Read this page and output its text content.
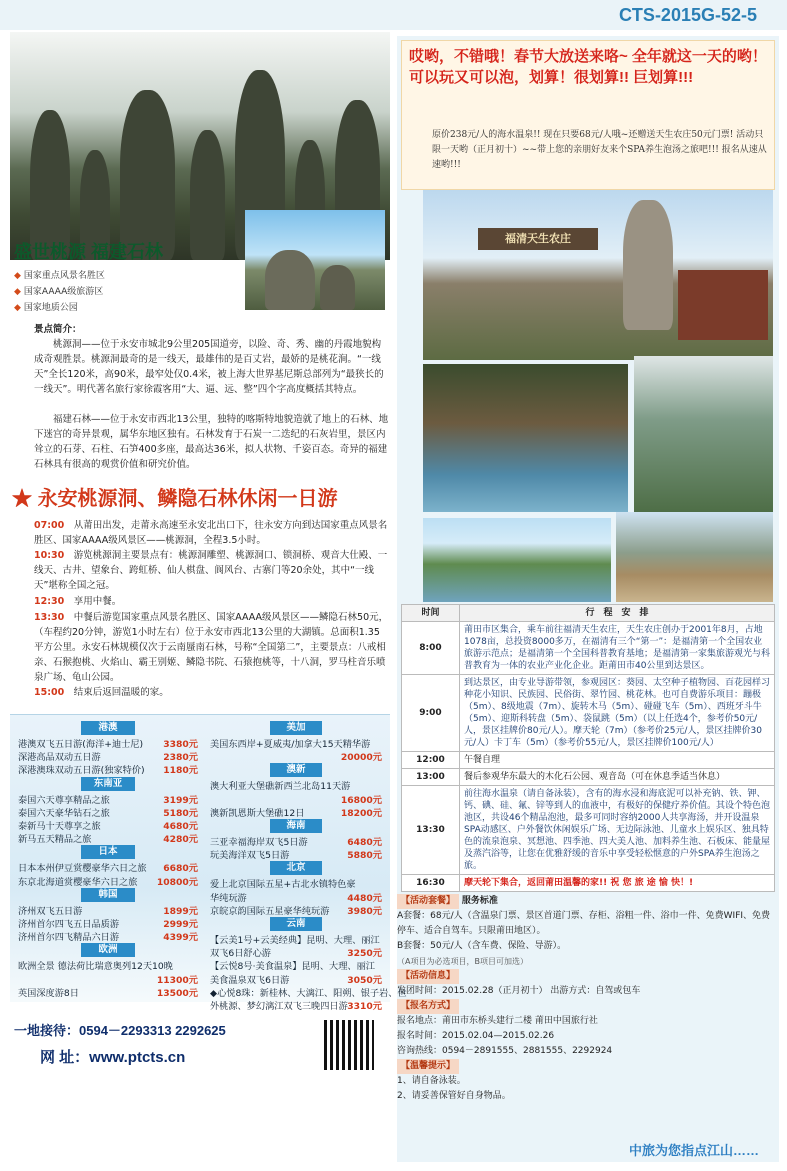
CTS-2015G-52-5
盛世桃源 福建石林
◆ 国家重点风景名胜区
◆ 国家AAAA级旅游区
◆ 国家地质公园
景点简介：
桃源洞——位于永安市城北9公里205国道旁，以险、奇、秀、幽的丹霞地貌构成奇观胜景。桃源洞最奇的是一线天，最雄伟的是百丈岩，最娇的是桃花涧。“一线天”全长120米，高90米，最窄处仅0.4米，被上海大世界基尼斯总部列为“最狭长的一线天”。明代著名旅行家徐霞客用“大、逼、远、整”四个字高度概括其特点。
福建石林——位于永安市西北13公里，独特的喀斯特地貌造就了地上的石林、地下迷宫的奇异景观，属华东地区独有。石林发育于石炭一二迭纪的石灰岩里，景区内耸立的石芽、石柱、石笋400多座，最高达36米，拟人状物、千姿百态。奇异的福建石林具有很高的观赏价值和研究价值。
★ 永安桃源洞、鳞隐石林休闲一日游
07:00　 从莆田出发，走莆永高速至永安北出口下，往永安方向到达国家重点风景名胜区、国家AAAA级风景区——桃源洞，全程3.5小时。
10:30　 游览桃源洞主要景点有：桃源洞雕塑、桃源洞口、锁洞桥、观音大仕殿、一线天、古井、望象台、跨虹桥、仙人棋盘、阆风台、古寨门等20余处，其中“一线天”堪称全国之冠。
12:30　 享用中餐。
13:30　 中餐后游览国家重点风景名胜区、国家AAAA级风景区——鳞隐石林50元，（车程约20分钟，游览1小时左右）位于永安市西北13公里的大湖镇。总面积1.35平方公里。永安石林规模仅次于云南蜃南石林，号称“全国第二”，主要景点：八戒相亲、石猴抱桃、火焰山、霸王别姬、鳞隐书院、石猿抱桃等，十八洞，罗马柱音乐喷泉广场、龟山公园。
15:00　 结束后返回温暖的家。
一地接待：0594－2293313 2292625
网 址：www.ptcts.cn
哎哟，不错哦！春节大放送来咯~ 全年就这一天的哟！可以玩又可以泡，划算！很划算!! 巨划算!!!
原价238元/人的海水温泉!! 现在只要68元/人哦~还赠送天生农庄50元门票! 活动只限一天哟（正月初十）~~带上您的亲朋好友来个SPA养生泡汤之旅吧!!! 报名从速从速哟!!!
福清天生农庄
时间	行　程　安　排
8:00	莆田市区集合，乘车前往福清天生农庄，天生农庄创办于2001年8月，占地1078亩，总投资8000多万，在福清有三个“第一”：是福清第一个全国农业旅游示范点；是福清第一个全国科普教育基地；是福清第一家集旅游观光与科普教育为一体的农业产业化企业。距莆田市40公里到达景区。
9:00	到达景区，由专业导游带领，参观园区：葵园、太空种子植物园、百花园样习种花小知识、民族园、民俗街、翠竹园、桃花林。也可自费游乐项目：蹦极（5m）、8级地震（7m）、旋转木马（5m）、碰碰飞车（5m）、西班牙斗牛（5m）、迎斯科转盘（5m）、袋鼠跳（5m）（以上任选4个，参考价50元/人，景区挂牌价80元/人）。摩天轮（7m）（参考价25元/人，景区挂牌价30元/人）卡丁车（5m）（参考价55元/人，景区挂牌价100元/人）
12:00	午餐自理
13:00	餐后参观华东最大的木化石公园、观音岛（可在休息季适当休息）
13:30	前往海水温泉（请自备泳装），含有的海水浸和海底泥可以补充钠、铁、钾、钙、碘、硅、氟、锌等到人的血液中，有极好的保健疗养价值。其设个特色泡池区，共设46个精品泡池，最多可同时容纳2000人共享海汤，并开设温泉SPA动感区、户外餐饮休闲娱乐广场、无边际泳池、儿童水上娱乐区、独具特色的流泉泡泉、冥想池、四季池、四大美人池、加料养生池、石板床、能量屋及蒸汽浴等，让您在优雅舒缓的音乐中享受轻松惬意的户外SPA养生泡汤之旅。
16:30	摩天轮下集合，返回莆田温馨的家!! 祝 您 旅 途 愉 快！!
【活动套餐】 服务标准
A套餐：68元/人（含温泉门票、景区首道门票、存柜、浴粗一件、浴巾一件、免费WIFI、免费停车、适合自驾车。只限莆田地区）。
B套餐：50元/人（含车费、保险、导游）。
（A项目为必选项目，B项目可加选）
【活动信息】
发团时间：2015.02.28（正月初十） 出游方式：自驾或包车
【报名方式】
报名地点：莆田市东桥头建行二楼 莆田中国旅行社
报名时间：2015.02.04—2015.02.26
咨询热线：0594－2891555、2881555、2292924
【温馨提示】
1、请自备泳装。
2、请妥善保管好自身物品。
中旅为您指点江山……
港澳
港澳双飞五日游(海洋+迪士尼) 3380元
深港高品双动五日游	2380元
深港澳珠双动五日游(独家特价) 1180元
东南亚
泰国六天尊享精品之旅	3199元
泰国六天豪华钻石之旅	5180元
泰新马十天尊享之旅	4680元
新马五天精品之旅	4280元
日本
日本本州伊豆赏樱豪华六日之旅 6680元
东京北海道赏樱豪华六日之旅 10800元
韩国
济州双飞五日游	1899元
济州首尔四飞五日品质游	2999元
济州首尔四飞精品六日游	4399元
欧洲
欧洲全景 德法荷比瑞意奥列12天10晚
11300元
英国深度游8日	13500元
美加
美国东西岸+夏威夷/加拿大15天精华游
20000元
澳新
澳大利亚大堡礁新西兰北岛11天游
16800元
澳新凯恩斯大堡礁12日	18200元
海南
三亚幸福海岸双飞5日游	6480元
玩美海洋双飞5日游	5880元
北京
爱上北京国际五星+古北水镇特色豪
华纯玩游	4480元
京皖京韵国际五星豪华纯玩游 3980元
云南
【云美1号+云美经典】昆明、大理、丽江
双飞6日舒心游	3250元
【云悦8号·美食温泉】昆明、大理、丽江
美食温泉双飞6日游	3050元
◆心悦8珠：新桂林、大漓江、阳朔、银子岩、世
外桃源、梦幻漓江双飞三晚四日游 3310元
